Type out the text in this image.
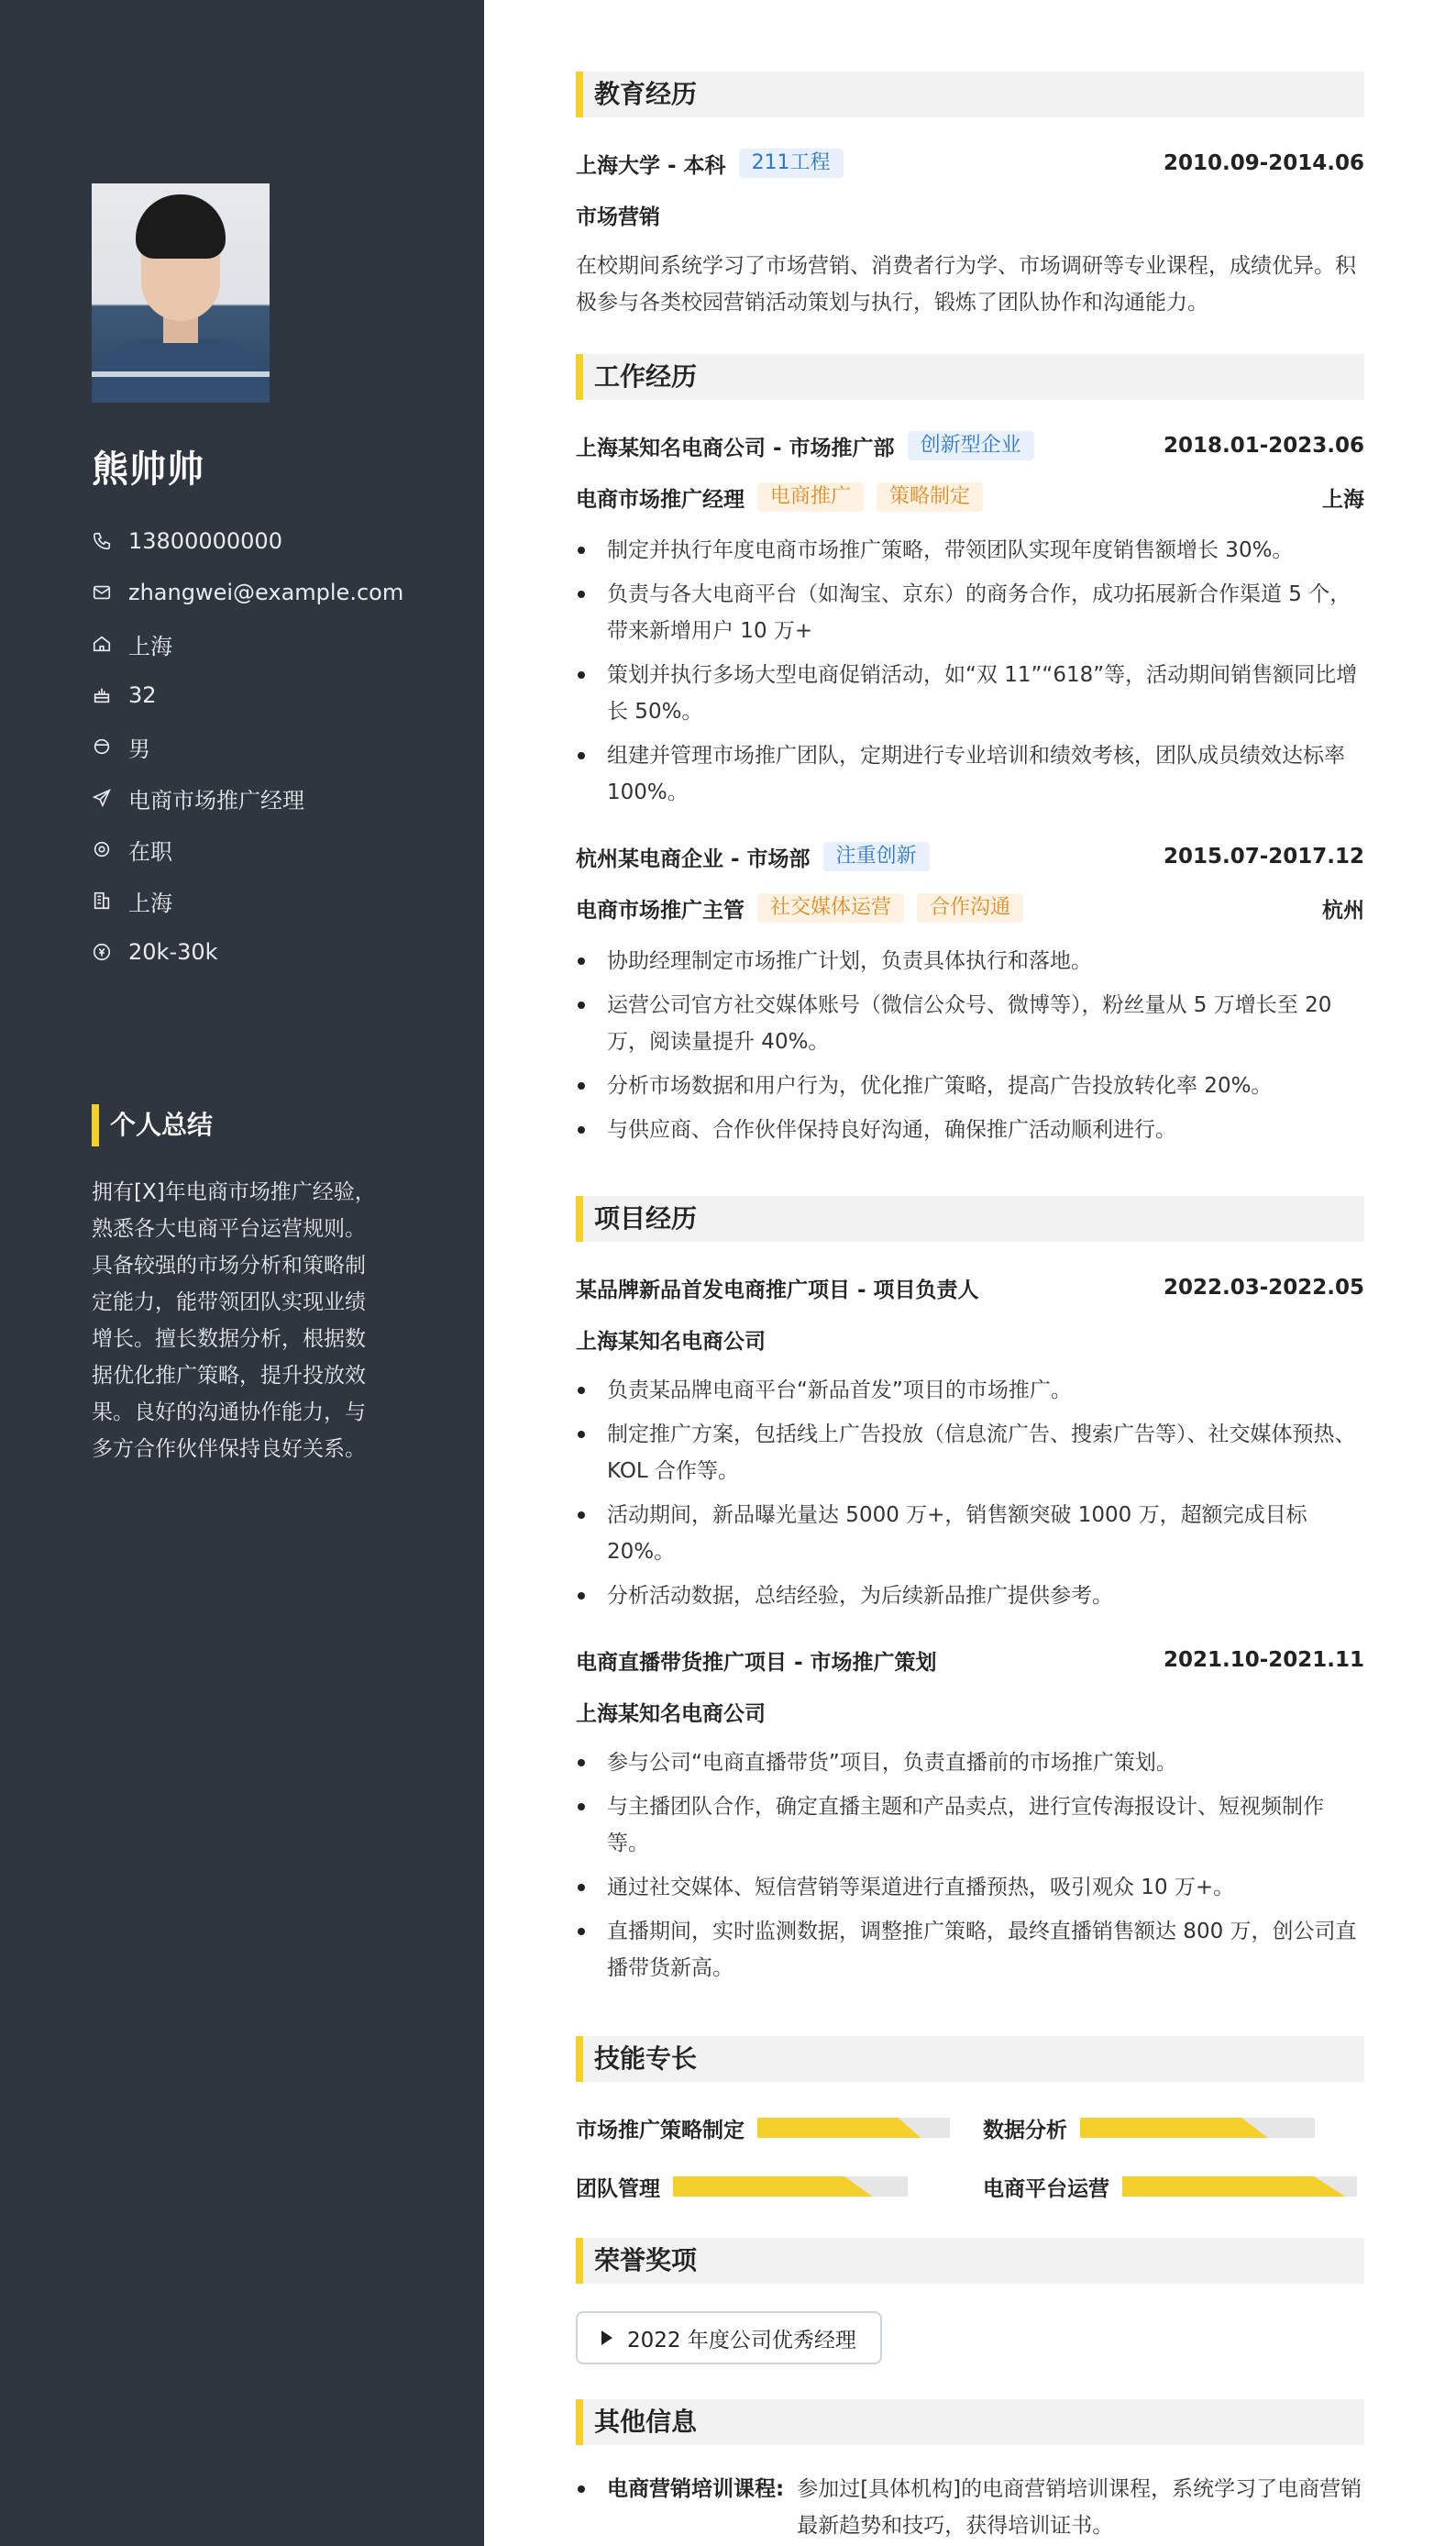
熊帅帅
13800000000
zhangwei@example.com
上海
32
男
电商市场推广经理
在职
上海
20k-30k
个人总结
拥有[X]年电商市场推广经验，熟悉各大电商平台运营规则。具备较强的市场分析和策略制定能力，能带领团队实现业绩增长。擅长数据分析，根据数据优化推广策略，提升投放效果。良好的沟通协作能力，与多方合作伙伴保持良好关系。
教育经历
上海大学 - 本科	211工程	2010.09-2014.06
市场营销
在校期间系统学习了市场营销、消费者行为学、市场调研等专业课程，成绩优异。积极参与各类校园营销活动策划与执行，锻炼了团队协作和沟通能力。
工作经历
上海某知名电商公司 - 市场推广部	创新型企业	2018.01-2023.06
电商市场推广经理	电商推广	策略制定	上海
制定并执行年度电商市场推广策略，带领团队实现年度销售额增长 30%。
负责与各大电商平台（如淘宝、京东）的商务合作，成功拓展新合作渠道 5 个，带来新增用户 10 万+
策划并执行多场大型电商促销活动，如“双 11”“618”等，活动期间销售额同比增长 50%。
组建并管理市场推广团队，定期进行专业培训和绩效考核，团队成员绩效达标率 100%。
杭州某电商企业 - 市场部	注重创新	2015.07-2017.12
电商市场推广主管	社交媒体运营	合作沟通	杭州
协助经理制定市场推广计划，负责具体执行和落地。
运营公司官方社交媒体账号（微信公众号、微博等），粉丝量从 5 万增长至 20 万，阅读量提升 40%。
分析市场数据和用户行为，优化推广策略，提高广告投放转化率 20%。
与供应商、合作伙伴保持良好沟通，确保推广活动顺利进行。
项目经历
某品牌新品首发电商推广项目 - 项目负责人	2022.03-2022.05
上海某知名电商公司
负责某品牌电商平台“新品首发”项目的市场推广。
制定推广方案，包括线上广告投放（信息流广告、搜索广告等）、社交媒体预热、KOL 合作等。
活动期间，新品曝光量达 5000 万+，销售额突破 1000 万，超额完成目标 20%。
分析活动数据，总结经验，为后续新品推广提供参考。
电商直播带货推广项目 - 市场推广策划	2021.10-2021.11
上海某知名电商公司
参与公司“电商直播带货”项目，负责直播前的市场推广策划。
与主播团队合作，确定直播主题和产品卖点，进行宣传海报设计、短视频制作等。
通过社交媒体、短信营销等渠道进行直播预热，吸引观众 10 万+。
直播期间，实时监测数据，调整推广策略，最终直播销售额达 800 万，创公司直播带货新高。
技能专长
市场推广策略制定	数据分析
团队管理	电商平台运营
荣誉奖项
2022 年度公司优秀经理
其他信息
电商营销培训课程: 参加过[具体机构]的电商营销培训课程，系统学习了电商营销最新趋势和技巧，获得培训证书。
